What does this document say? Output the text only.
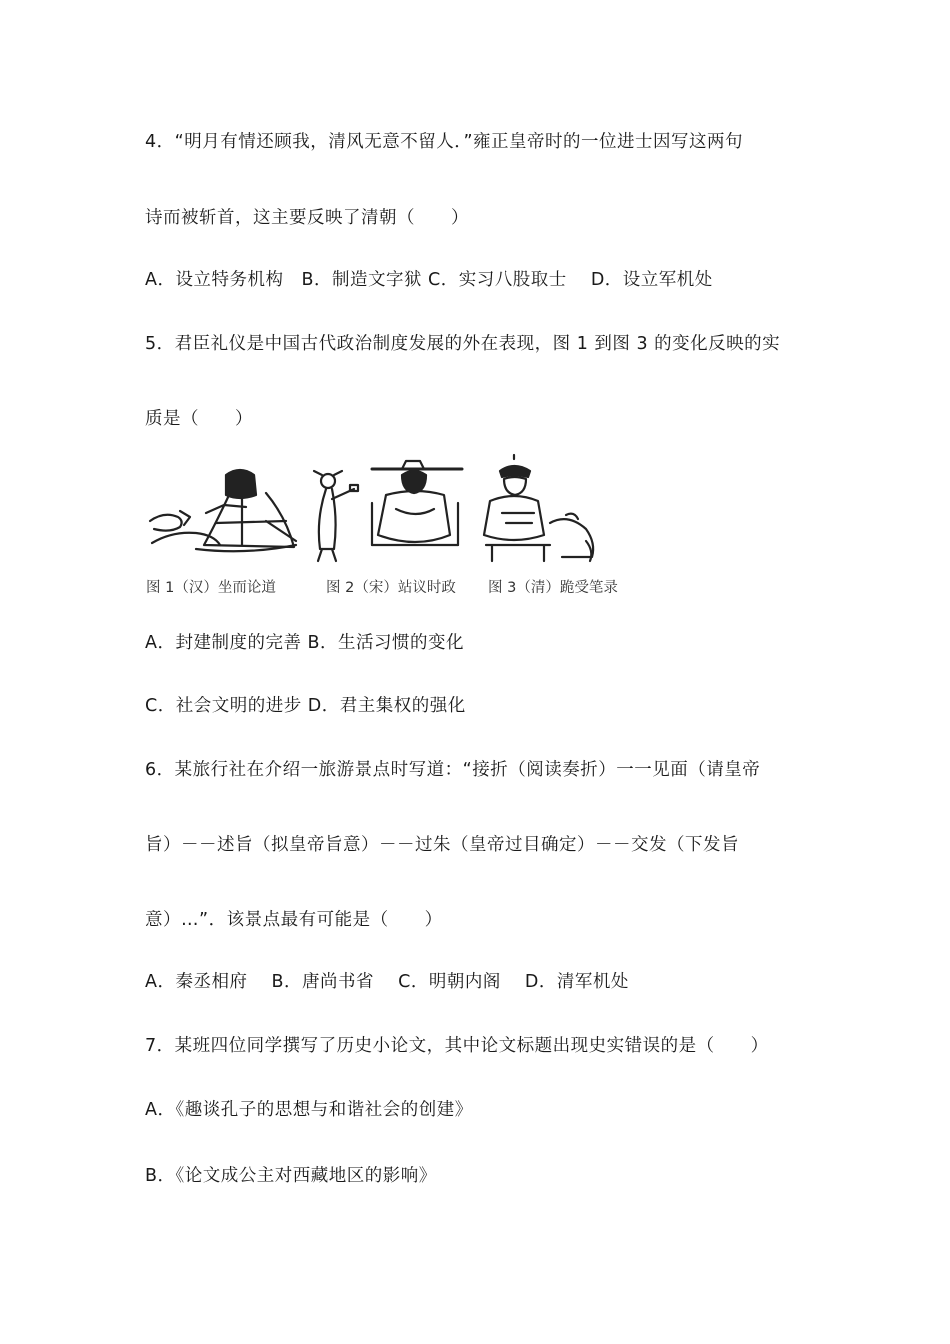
4．“明月有情还顾我，清风无意不留人．”雍正皇帝时的一位进士因写这两句
诗而被斩首，这主要反映了清朝（　　）
A．设立特务机构　B．制造文字狱 C．实习八股取士　 D．设立军机处
5．君臣礼仪是中国古代政治制度发展的外在表现，图 1 到图 3 的变化反映的实
质是（　　）
图 1（汉）坐而论道	图 2（宋）站议时政 图 3（清）跪受笔录
A．封建制度的完善 B．生活习惯的变化
C．社会文明的进步 D．君主集权的强化
6．某旅行社在介绍一旅游景点时写道：“接折（阅读奏折）一一见面（请皇帝
旨）－－述旨（拟皇帝旨意）－－过朱（皇帝过目确定）－－交发（下发旨
意）…”．该景点最有可能是（　　）
A．秦丞相府　 B．唐尚书省　 C．明朝内阁　 D．清军机处
7．某班四位同学撰写了历史小论文，其中论文标题出现史实错误的是（　　）
A．《趣谈孔子的思想与和谐社会的创建》
B．《论文成公主对西藏地区的影响》
